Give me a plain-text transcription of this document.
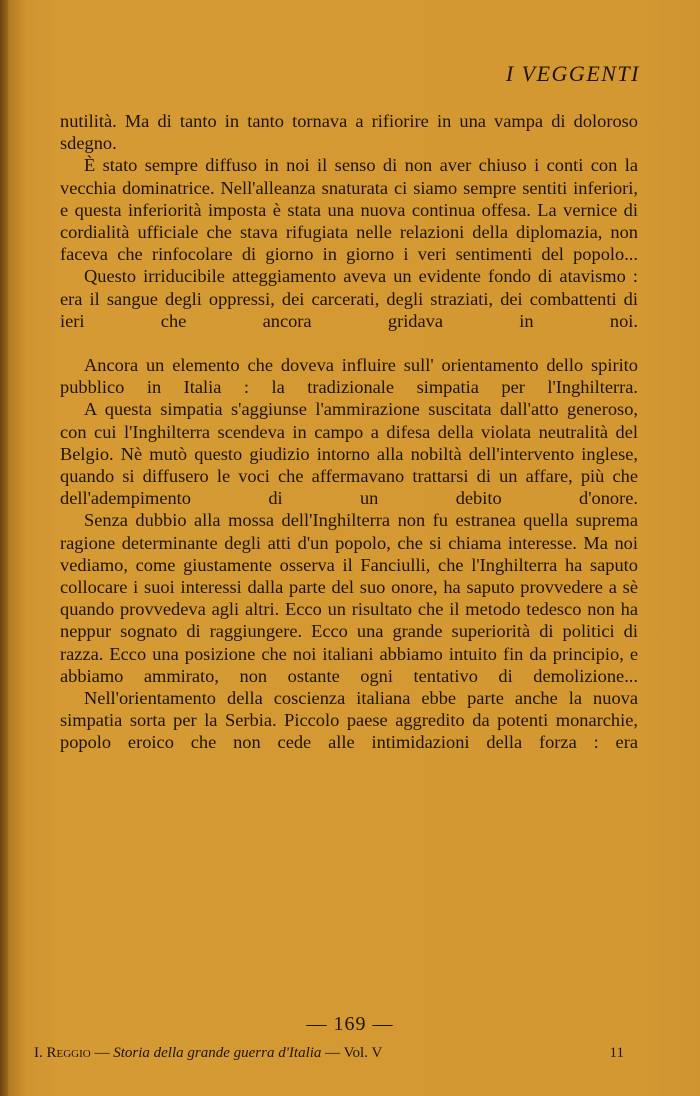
I VEGGENTI

nutilità. Ma di tanto in tanto tornava a rifiorire in una vampa di doloroso sdegno.

È stato sempre diffuso in noi il senso di non aver chiuso i conti con la vecchia dominatrice. Nell'alleanza snaturata ci siamo sempre sentiti inferiori, e questa inferiorità imposta è stata una nuova continua offesa. La vernice di cordialità ufficiale che stava rifugiata nelle relazioni della diplomazia, non faceva che rinfocolare di giorno in giorno i veri sentimenti del popolo...

Questo irriducibile atteggiamento aveva un evidente fondo di atavismo : era il sangue degli oppressi, dei carcerati, degli straziati, dei combattenti di ieri che ancora gridava in noi.

Ancora un elemento che doveva influire sull' orientamento dello spirito pubblico in Italia : la tradizionale simpatia per l'Inghilterra.

A questa simpatia s'aggiunse l'ammirazione suscitata dall'atto generoso, con cui l'Inghilterra scendeva in campo a difesa della violata neutralità del Belgio. Nè mutò questo giudizio intorno alla nobiltà dell'intervento inglese, quando si diffusero le voci che affermavano trattarsi di un affare, più che dell'adempimento di un debito d'onore.

Senza dubbio alla mossa dell'Inghilterra non fu estranea quella suprema ragione determinante degli atti d'un popolo, che si chiama interesse. Ma noi vediamo, come giustamente osserva il Fanciulli, che l'Inghilterra ha saputo collocare i suoi interessi dalla parte del suo onore, ha saputo provvedere a sè quando provvedeva agli altri. Ecco un risultato che il metodo tedesco non ha neppur sognato di raggiungere. Ecco una grande superiorità di politici di razza. Ecco una posizione che noi italiani abbiamo intuito fin da principio, e abbiamo ammirato, non ostante ogni tentativo di demolizione...

Nell'orientamento della coscienza italiana ebbe parte anche la nuova simpatia sorta per la Serbia. Piccolo paese aggredito da potenti monarchie, popolo eroico che non cede alle intimidazioni della forza : era

— 169 —
I. Reggio — Storia della grande guerra d'Italia — Vol. V	11
